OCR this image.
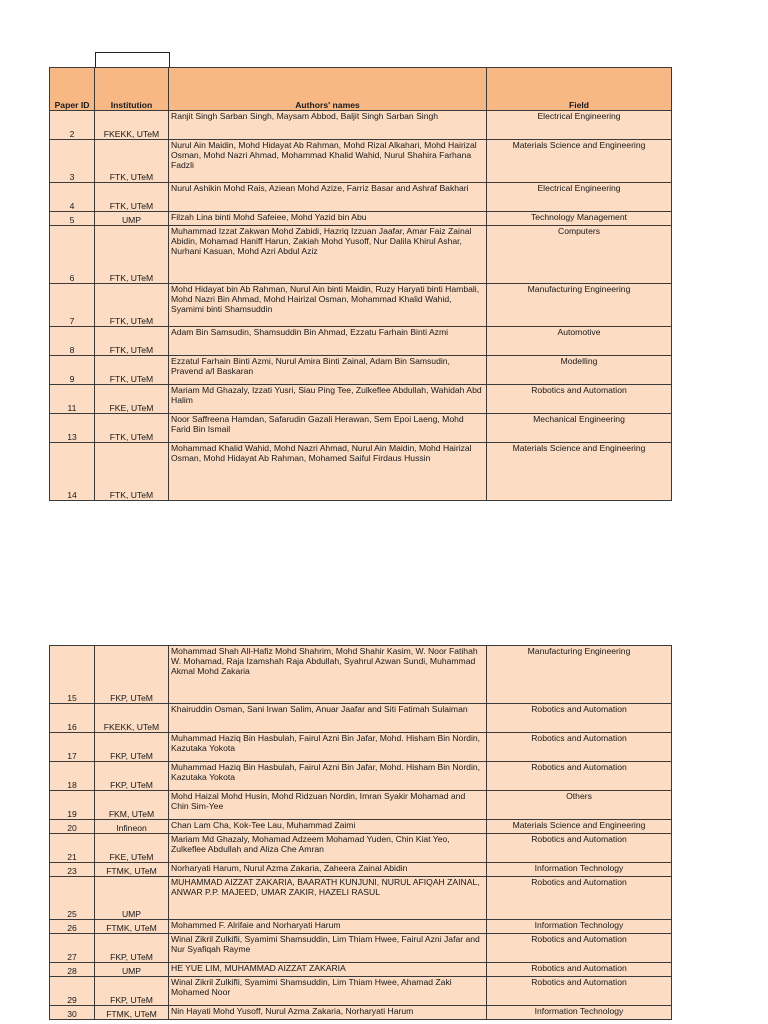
Paper ID	Institution	Authors' names	Field
2	FKEKK, UTeM	Ranjit Singh Sarban Singh, Maysam Abbod, Baljit Singh Sarban Singh	Electrical Engineering
3	FTK, UTeM	Nurul Ain Maidin, Mohd Hidayat Ab Rahman, Mohd Rizal Alkahari, Mohd Hairizal Osman, Mohd Nazri Ahmad, Mohammad Khalid Wahid, Nurul Shahira Farhana Fadzli	Materials Science and Engineering
4	FTK, UTeM	Nurul Ashikin Mohd Rais, Aziean Mohd Azize, Farriz Basar and Ashraf Bakhari	Electrical Engineering
5	UMP	Filzah Lina binti Mohd Safeiee, Mohd Yazid bin Abu	Technology Management
6	FTK, UTeM	Muhammad Izzat Zakwan Mohd Zabidi, Hazriq Izzuan Jaafar, Amar Faiz Zainal Abidin, Mohamad Haniff Harun, Zakiah Mohd Yusoff, Nur Dalila Khirul Ashar, Nurhani Kasuan, Mohd Azri Abdul Aziz	Computers
7	FTK, UTeM	Mohd Hidayat bin Ab Rahman, Nurul Ain binti Maidin, Ruzy Haryati binti Hambali, Mohd Nazri Bin Ahmad, Mohd Hairizal Osman, Mohammad Khalid Wahid, Syamimi binti Shamsuddin	Manufacturing Engineering
8	FTK, UTeM	Adam Bin Samsudin, Shamsuddin Bin Ahmad, Ezzatu Farhain Binti Azmi	Automotive
9	FTK, UTeM	Ezzatul Farhain Binti Azmi, Nurul Amira Binti Zainal, Adam Bin Samsudin, Pravend a/l Baskaran	Modelling
11	FKE, UTeM	Mariam Md Ghazaly, Izzati Yusri, Siau Ping Tee, Zulkeflee Abdullah, Wahidah Abd Halim	Robotics and Automation
13	FTK, UTeM	Noor Saffreena Hamdan, Safarudin Gazali Herawan, Sem Epoi Laeng, Mohd Farid Bin Ismail	Mechanical Engineering
14	FTK, UTeM	Mohammad Khalid Wahid, Mohd Nazri Ahmad, Nurul Ain Maidin, Mohd Hairizal Osman, Mohd Hidayat Ab Rahman, Mohamed Saiful Firdaus Hussin	Materials Science and Engineering
15	FKP, UTeM	Mohammad Shah All-Hafiz Mohd Shahrim, Mohd Shahir Kasim, W. Noor Fatihah W. Mohamad, Raja Izamshah Raja Abdullah, Syahrul Azwan Sundi, Muhammad Akmal Mohd Zakaria	Manufacturing Engineering
16	FKEKK, UTeM	Khairuddin Osman, Sani Irwan Salim, Anuar Jaafar and Siti Fatimah Sulaiman	Robotics and Automation
17	FKP, UTeM	Muhammad Haziq Bin Hasbulah, Fairul Azni Bin Jafar, Mohd. Hisham Bin Nordin, Kazutaka Yokota	Robotics and Automation
18	FKP, UTeM	Muhammad Haziq Bin Hasbulah, Fairul Azni Bin Jafar, Mohd. Hisham Bin Nordin, Kazutaka Yokota	Robotics and Automation
19	FKM, UTeM	Mohd Haizal Mohd Husin, Mohd Ridzuan Nordin, Imran Syakir Mohamad and Chin Sim-Yee	Others
20	Infineon	Chan Lam Cha, Kok-Tee Lau, Muhammad Zaimi	Materials Science and Engineering
21	FKE, UTeM	Mariam Md Ghazaly, Mohamad Adzeem Mohamad Yuden, Chin Kiat Yeo, Zulkeflee Abdullah and Aliza Che Amran	Robotics and Automation
23	FTMK, UTeM	Norharyati Harum, Nurul Azma Zakaria, Zaheera Zainal Abidin	Information Technology
25	UMP	MUHAMMAD AIZZAT ZAKARIA, BAARATH KUNJUNI, NURUL AFIQAH ZAINAL, ANWAR P.P. MAJEED, UMAR ZAKIR, HAZELI RASUL	Robotics and Automation
26	FTMK, UTeM	Mohammed F. Alrifaie and Norharyati Harum	Information Technology
27	FKP, UTeM	Winal Zikril Zulkifli, Syamimi Shamsuddin, Lim Thiam Hwee, Fairul Azni Jafar and Nur Syafiqah Rayme	Robotics and Automation
28	UMP	HE YUE LIM, MUHAMMAD AIZZAT ZAKARIA	Robotics and Automation
29	FKP, UTeM	Winal Zikril Zulkifli, Syamimi Shamsuddin, Lim Thiam Hwee, Ahamad Zaki Mohamed Noor	Robotics and Automation
30	FTMK, UTeM	Nin Hayati Mohd Yusoff, Nurul Azma Zakaria, Norharyati Harum	Information Technology
